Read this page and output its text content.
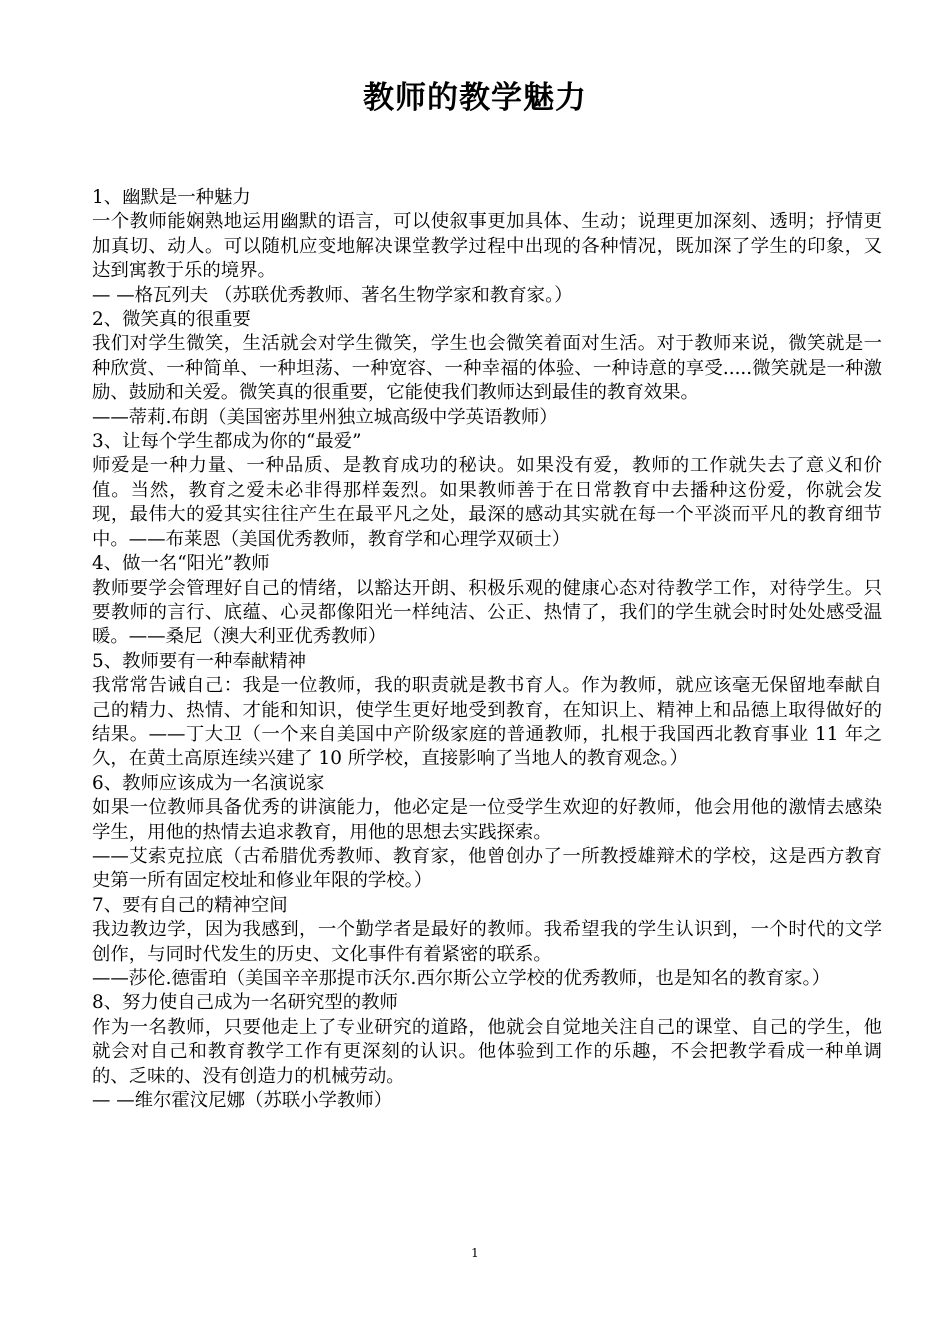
教师的教学魅力

1、幽默是一种魅力

一个教师能娴熟地运用幽默的语言，可以使叙事更加具体、生动；说理更加深刻、透明；抒情更加真切、动人。可以随机应变地解决课堂教学过程中出现的各种情况，既加深了学生的印象，又达到寓教于乐的境界。

— —格瓦列夫 （苏联优秀教师、著名生物学家和教育家。）

2、微笑真的很重要

我们对学生微笑，生活就会对学生微笑，学生也会微笑着面对生活。对于教师来说，微笑就是一种欣赏、一种简单、一种坦荡、一种宽容、一种幸福的体验、一种诗意的享受.....微笑就是一种激励、鼓励和关爱。微笑真的很重要，它能使我们教师达到最佳的教育效果。

——蒂莉.布朗（美国密苏里州独立城高级中学英语教师）

3、让每个学生都成为你的“最爱”

师爱是一种力量、一种品质、是教育成功的秘诀。如果没有爱，教师的工作就失去了意义和价值。当然，教育之爱未必非得那样轰烈。如果教师善于在日常教育中去播种这份爱，你就会发现，最伟大的爱其实往往产生在最平凡之处，最深的感动其实就在每一个平淡而平凡的教育细节中。——布莱恩（美国优秀教师，教育学和心理学双硕士）

4、做一名“阳光”教师

教师要学会管理好自己的情绪，以豁达开朗、积极乐观的健康心态对待教学工作，对待学生。只要教师的言行、底蕴、心灵都像阳光一样纯洁、公正、热情了，我们的学生就会时时处处感受温暖。——桑尼（澳大利亚优秀教师）

5、教师要有一种奉献精神

我常常告诫自己：我是一位教师，我的职责就是教书育人。作为教师，就应该毫无保留地奉献自己的精力、热情、才能和知识，使学生更好地受到教育，在知识上、精神上和品德上取得做好的结果。——丁大卫（一个来自美国中产阶级家庭的普通教师，扎根于我国西北教育事业 11 年之久，在黄土高原连续兴建了 10 所学校，直接影响了当地人的教育观念。）

6、教师应该成为一名演说家

如果一位教师具备优秀的讲演能力，他必定是一位受学生欢迎的好教师，他会用他的激情去感染学生，用他的热情去追求教育，用他的思想去实践探索。

——艾索克拉底（古希腊优秀教师、教育家，他曾创办了一所教授雄辩术的学校，这是西方教育史第一所有固定校址和修业年限的学校。）

7、要有自己的精神空间

我边教边学，因为我感到，一个勤学者是最好的教师。我希望我的学生认识到，一个时代的文学创作，与同时代发生的历史、文化事件有着紧密的联系。

——莎伦.德雷珀（美国辛辛那提市沃尔.西尔斯公立学校的优秀教师，也是知名的教育家。）

8、努力使自己成为一名研究型的教师

作为一名教师，只要他走上了专业研究的道路，他就会自觉地关注自己的课堂、自己的学生，他就会对自己和教育教学工作有更深刻的认识。他体验到工作的乐趣，不会把教学看成一种单调的、乏味的、没有创造力的机械劳动。

— —维尔霍汶尼娜（苏联小学教师）

1
